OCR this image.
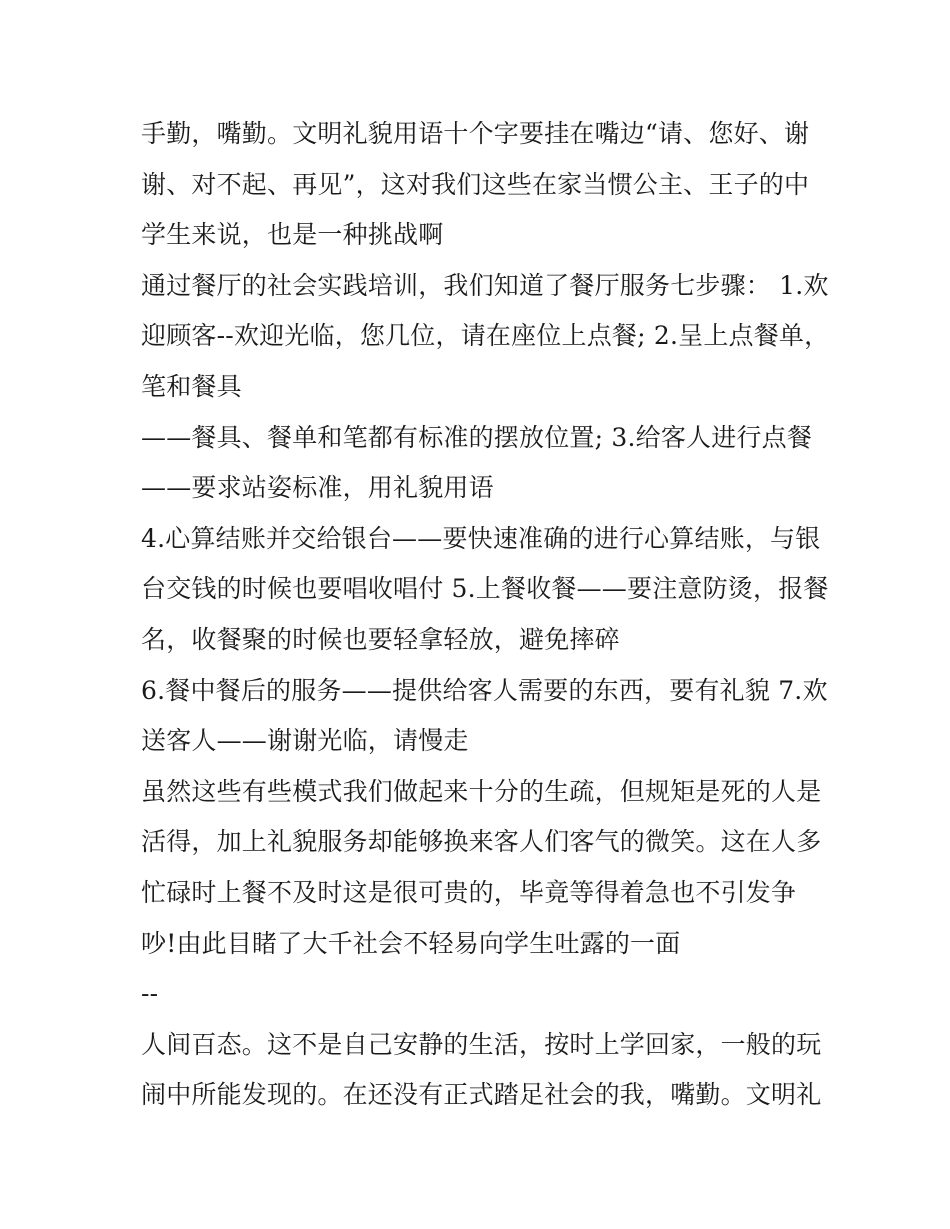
手勤，嘴勤。文明礼貌用语十个字要挂在嘴边“请、您好、谢
谢、对不起、再见”，这对我们这些在家当惯公主、王子的中
学生来说，也是一种挑战啊
通过餐厅的社会实践培训，我们知道了餐厅服务七步骤： 1.欢
迎顾客--欢迎光临，您几位，请在座位上点餐; 2.呈上点餐单，
笔和餐具
——餐具、餐单和笔都有标准的摆放位置; 3.给客人进行点餐
——要求站姿标准，用礼貌用语
4.心算结账并交给银台——要快速准确的进行心算结账，与银
台交钱的时候也要唱收唱付 5.上餐收餐——要注意防烫，报餐
名，收餐聚的时候也要轻拿轻放，避免摔碎
6.餐中餐后的服务——提供给客人需要的东西，要有礼貌 7.欢
送客人——谢谢光临，请慢走
虽然这些有些模式我们做起来十分的生疏，但规矩是死的人是
活得，加上礼貌服务却能够换来客人们客气的微笑。这在人多
忙碌时上餐不及时这是很可贵的，毕竟等得着急也不引发争
吵!由此目睹了大千社会不轻易向学生吐露的一面
--
人间百态。这不是自己安静的生活，按时上学回家，一般的玩
闹中所能发现的。在还没有正式踏足社会的我，嘴勤。文明礼
